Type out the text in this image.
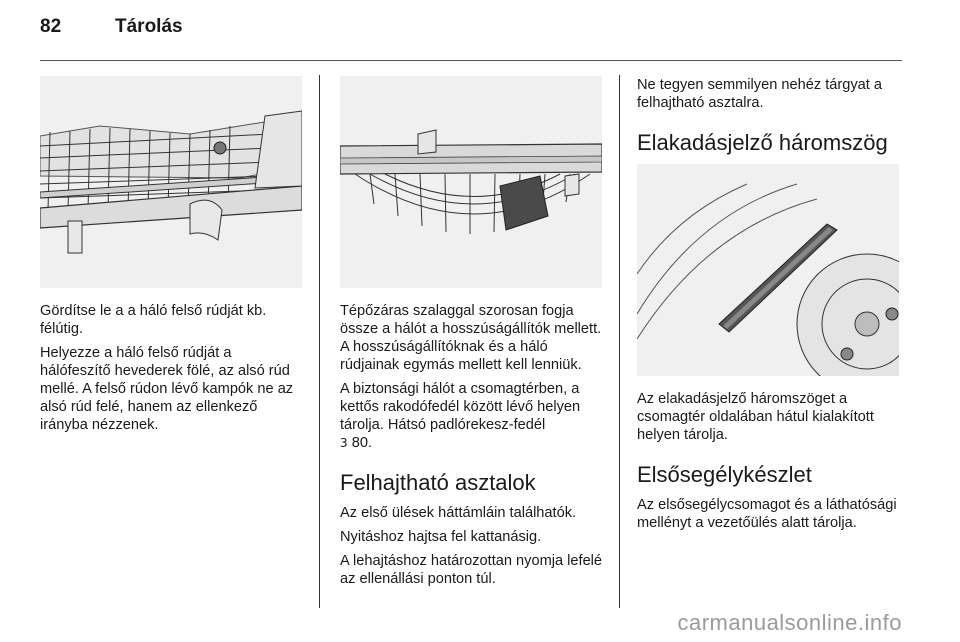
82	Tárolás

Gördítse le a a háló felső rúdját kb. félútig.

Helyezze a háló felső rúdját a hálófeszítő hevederek fölé, az alsó rúd mellé. A felső rúdon lévő kampók ne az alsó rúd felé, hanem az ellenkező irányba nézzenek.

Tépőzáras szalaggal szorosan fogja össze a hálót a hosszúságállítók mellett. A hosszúságállítóknak és a háló rúdjainak egymás mellett kell lenniük.

A biztonsági hálót a csomagtérben, a kettős rakodófedél között lévő helyen tárolja. Hátsó padlórekesz-fedél
3 80.

Felhajtható asztalok

Az első ülések háttámláin találhatók.

Nyitáshoz hajtsa fel kattanásig.

A lehajtáshoz határozottan nyomja lefelé az ellenállási ponton túl.

Ne tegyen semmilyen nehéz tárgyat a felhajtható asztalra.

Elakadásjelző háromszög

Az elakadásjelző háromszöget a csomagtér oldalában hátul kialakított helyen tárolja.

Elsősegélykészlet

Az elsősegélycsomagot és a láthatósági mellényt a vezetőülés alatt tárolja.

carmanualsonline.info
